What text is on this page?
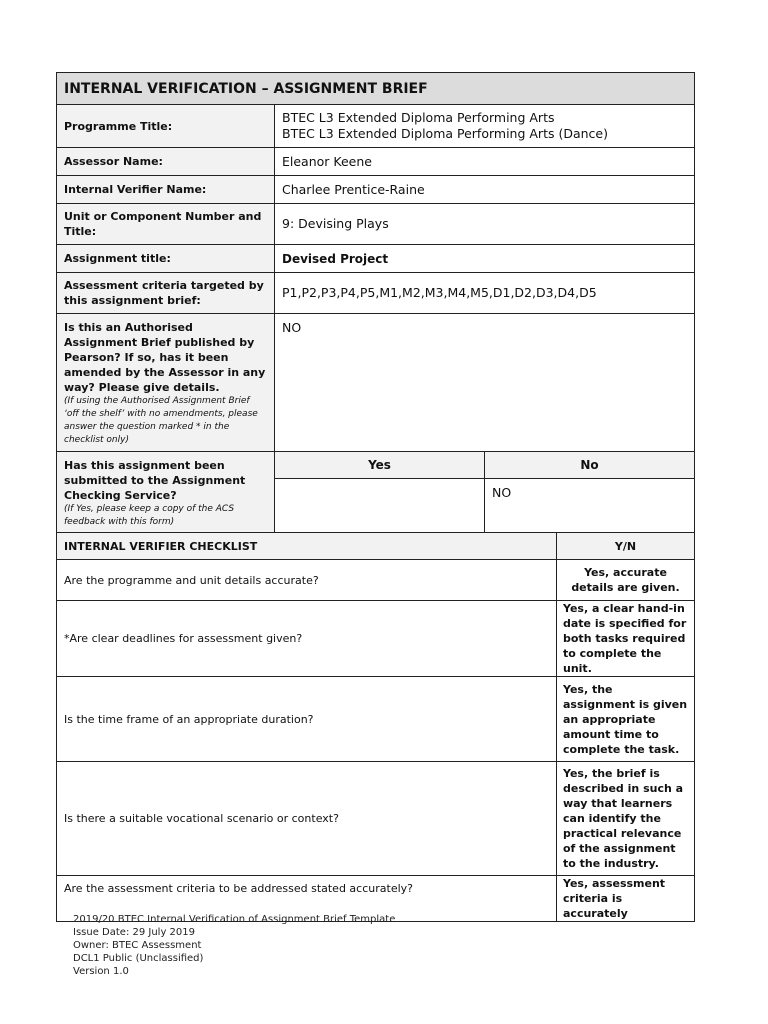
INTERNAL VERIFICATION – ASSIGNMENT BRIEF		
Programme Title:	BTEC L3 Extended Diploma Performing Arts
BTEC L3 Extended Diploma Performing Arts (Dance)	

Assessor Name:	Eleanor Keene	
Internal Verifier Name:	Charlee Prentice-Raine	
Unit or Component Number and Title:	9: Devising Plays	
Assignment title:	Devised Project	
Assessment criteria targeted by this assignment brief:	P1,P2,P3,P4,P5,M1,M2,M3,M4,M5,D1,D2,D3,D4,D5	
Is this an Authorised Assignment Brief published by Pearson? If so, has it been amended by the Assessor in any way? Please give details.
(If using the Authorised Assignment Brief ‘off the shelf’ with no amendments, please answer the question marked * in the checklist only)	NO	
Has this assignment been submitted to the Assignment Checking Service?
(If Yes, please keep a copy of the ACS feedback with this form)	Yes	No
		NO
INTERNAL VERIFIER CHECKLIST	Y/N
Are the programme and unit details accurate?	Yes, accurate details are given.
*Are clear deadlines for assessment given?	Yes, a clear hand-in date is specified for both tasks required to complete the unit.
Is the time frame of an appropriate duration?	Yes, the assignment is given an appropriate amount time to complete the task.
Is there a suitable vocational scenario or context?	Yes, the brief is described in such a way that learners can identify the practical relevance of the assignment to the industry.
Are the assessment criteria to be addressed stated accurately?	Yes, assessment criteria is accurately
2019/20 BTEC Internal Verification of Assignment Brief Template
Issue Date: 29 July 2019
Owner: BTEC Assessment
DCL1 Public (Unclassified)
Version 1.0
